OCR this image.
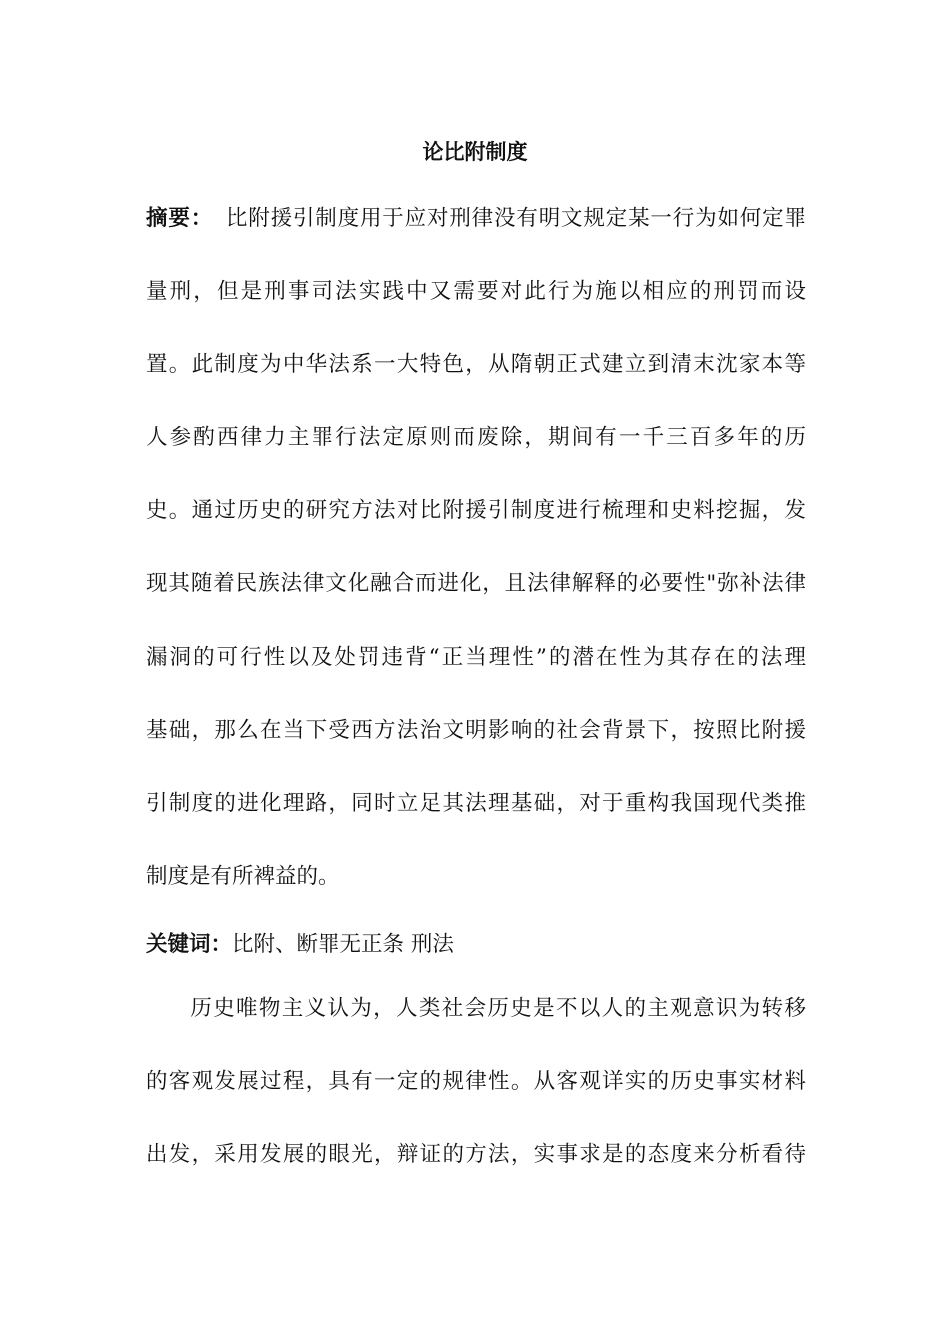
论比附制度
摘要： 比附援引制度用于应对刑律没有明文规定某一行为如何定罪
量刑，但是刑事司法实践中又需要对此行为施以相应的刑罚而设
置。此制度为中华法系一大特色，从隋朝正式建立到清末沈家本等
人参酌西律力主罪行法定原则而废除，期间有一千三百多年的历
史。通过历史的研究方法对比附援引制度进行梳理和史料挖掘，发
现其随着民族法律文化融合而进化，且法律解释的必要性"弥补法律
漏洞的可行性以及处罚违背“正当理性”的潜在性为其存在的法理
基础，那么在当下受西方法治文明影响的社会背景下，按照比附援
引制度的进化理路，同时立足其法理基础，对于重构我国现代类推
制度是有所裨益的。
关键词：比附、断罪无正条 刑法
历史唯物主义认为，人类社会历史是不以人的主观意识为转移
的客观发展过程，具有一定的规律性。从客观详实的历史事实材料
出发，采用发展的眼光，辩证的方法，实事求是的态度来分析看待
